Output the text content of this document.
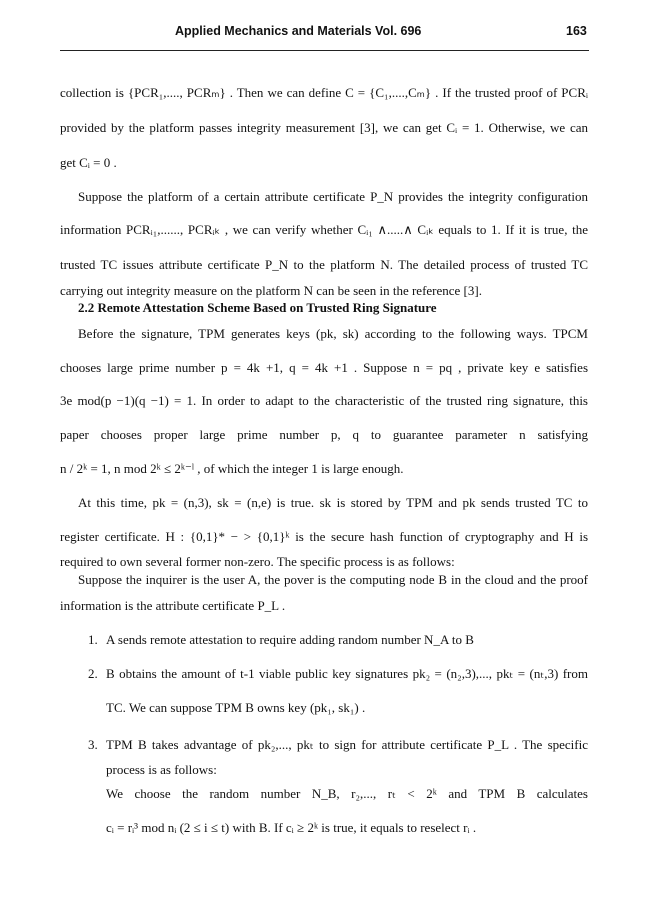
Applied Mechanics and Materials Vol. 696	163
collection is {PCR₁,...., PCRₘ} . Then we can define C = {C₁,....,Cₘ} . If the trusted proof of PCRᵢ
provided by the platform passes integrity measurement [3], we can get Cᵢ = 1. Otherwise, we can
get Cᵢ = 0 .
Suppose the platform of a certain attribute certificate P_N provides the integrity configuration
information PCRᵢ₁,......, PCRᵢₖ , we can verify whether Cᵢ₁ ∧.....∧ Cᵢₖ equals to 1. If it is true, the
trusted TC issues attribute certificate P_N to the platform N. The detailed process of trusted TC
carrying out integrity measure on the platform N can be seen in the reference [3].
2.2 Remote Attestation Scheme Based on Trusted Ring Signature
Before the signature, TPM generates keys (pk, sk) according to the following ways. TPCM
chooses large prime number p = 4k +1, q = 4k +1 . Suppose n = pq , private key e satisfies
3e mod(p −1)(q −1) = 1. In order to adapt to the characteristic of the trusted ring signature, this
paper chooses proper large prime number p, q to guarantee parameter n satisfying
n / 2ᵏ = 1, n mod 2ᵏ ≤ 2ᵏ⁻ˡ , of which the integer 1 is large enough.
At this time, pk = (n,3), sk = (n,e) is true. sk is stored by TPM and pk sends trusted TC to
register certificate. H : {0,1}* − > {0,1}ᵏ is the secure hash function of cryptography and H is
required to own several former non-zero. The specific process is as follows:
Suppose the inquirer is the user A, the pover is the computing node B in the cloud and the proof
information is the attribute certificate P_L .
1. A sends remote attestation to require adding random number N_A to B
2. B obtains the amount of t-1 viable public key signatures pk₂ = (n₂,3),..., pkₜ = (nₜ,3) from
TC. We can suppose TPM B owns key (pk₁, sk₁) .
3. TPM B takes advantage of pk₂,..., pkₜ to sign for attribute certificate P_L . The specific
process is as follows:
We choose the random number N_B, r₂,..., rₜ < 2ᵏ and TPM B calculates
cᵢ = rᵢ³ mod nᵢ (2 ≤ i ≤ t) with B. If cᵢ ≥ 2ᵏ is true, it equals to reselect rᵢ .
